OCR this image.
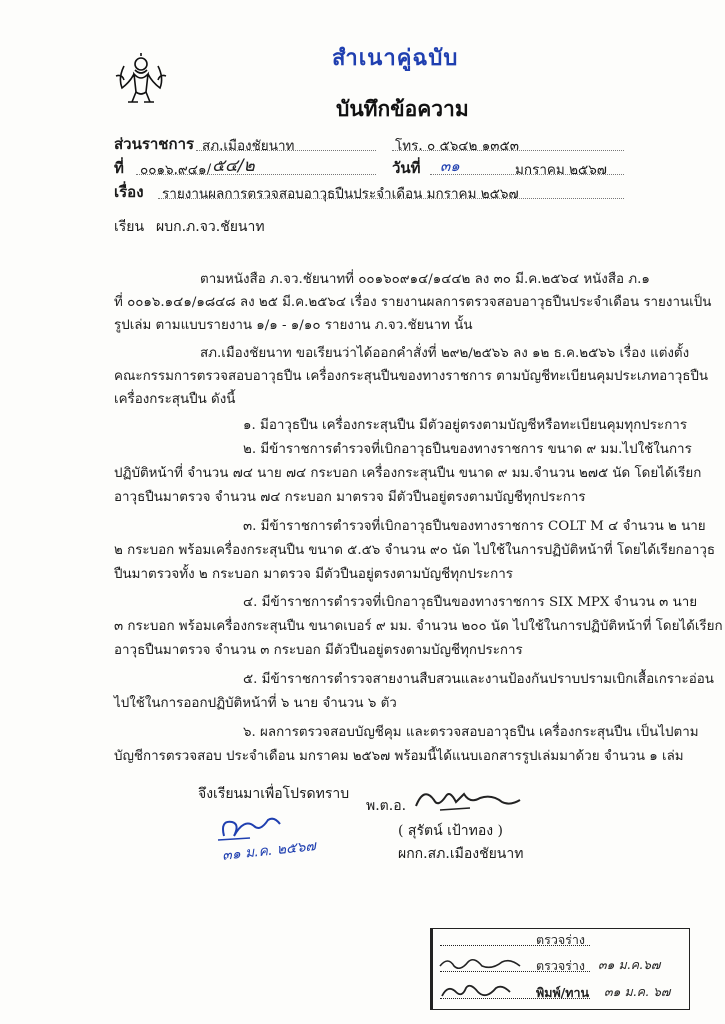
สำเนาคู่ฉบับ
บันทึกข้อความ
ส่วนราชการ สภ.เมืองชัยนาท	โทร. ๐ ๕๖๔๒ ๑๓๕๓
ที่ ๐๐๑๖.๙๔๑/ ๕๔/๒	วันที่ ๓๑	มกราคม ๒๕๖๗
เรื่อง รายงานผลการตรวจสอบอาวุธปืนประจำเดือน มกราคม ๒๕๖๗
เรียน ผบก.ภ.จว.ชัยนาท
ตามหนังสือ ภ.จว.ชัยนาทที่ ๐๐๑๖๐๙๑๔/๑๔๔๒ ลง ๓๐ มี.ค.๒๕๖๔ หนังสือ ภ.๑
ที่ ๐๐๑๖.๑๔๑/๑๘๔๘ ลง ๒๕ มี.ค.๒๕๖๔ เรื่อง รายงานผลการตรวจสอบอาวุธปืนประจำเดือน รายงานเป็น
รูปเล่ม ตามแบบรายงาน ๑/๑ - ๑/๑๐ รายงาน ภ.จว.ชัยนาท นั้น
สภ.เมืองชัยนาท ขอเรียนว่าได้ออกคำสั่งที่ ๒๙๒/๒๕๖๖ ลง ๑๒ ธ.ค.๒๕๖๖ เรื่อง แต่งตั้ง
คณะกรรมการตรวจสอบอาวุธปืน เครื่องกระสุนปืนของทางราชการ ตามบัญชีทะเบียนคุมประเภทอาวุธปืน
เครื่องกระสุนปืน ดังนี้
๑. มีอาวุธปืน เครื่องกระสุนปืน มีตัวอยู่ตรงตามบัญชีหรือทะเบียนคุมทุกประการ
๒. มีข้าราชการตำรวจที่เบิกอาวุธปืนของทางราชการ ขนาด ๙ มม.ไปใช้ในการ
ปฏิบัติหน้าที่ จำนวน ๗๔ นาย ๗๔ กระบอก เครื่องกระสุนปืน ขนาด ๙ มม.จำนวน ๒๗๕ นัด โดยได้เรียก
อาวุธปืนมาตรวจ จำนวน ๗๔ กระบอก มาตรวจ มีตัวปืนอยู่ตรงตามบัญชีทุกประการ
๓. มีข้าราชการตำรวจที่เบิกอาวุธปืนของทางราชการ COLT M ๔ จำนวน ๒ นาย
๒ กระบอก พร้อมเครื่องกระสุนปืน ขนาด ๕.๕๖ จำนวน ๙๐ นัด ไปใช้ในการปฏิบัติหน้าที่ โดยได้เรียกอาวุธ
ปืนมาตรวจทั้ง ๒ กระบอก มาตรวจ มีตัวปืนอยู่ตรงตามบัญชีทุกประการ
๔. มีข้าราชการตำรวจที่เบิกอาวุธปืนของทางราชการ SIX MPX จำนวน ๓ นาย
๓ กระบอก พร้อมเครื่องกระสุนปืน ขนาดเบอร์ ๙ มม. จำนวน ๒๐๐ นัด ไปใช้ในการปฏิบัติหน้าที่ โดยได้เรียก
อาวุธปืนมาตรวจ จำนวน ๓ กระบอก มีตัวปืนอยู่ตรงตามบัญชีทุกประการ
๕. มีข้าราชการตำรวจสายงานสืบสวนและงานป้องกันปราบปรามเบิกเสื้อเกราะอ่อน
ไปใช้ในการออกปฏิบัติหน้าที่ ๖ นาย จำนวน ๖ ตัว
๖. ผลการตรวจสอบบัญชีคุม และตรวจสอบอาวุธปืน เครื่องกระสุนปืน เป็นไปตาม
บัญชีการตรวจสอบ ประจำเดือน มกราคม ๒๕๖๗ พร้อมนี้ได้แนบเอกสารรูปเล่มมาด้วย จำนวน ๑ เล่ม
จึงเรียนมาเพื่อโปรดทราบ
๓๑ ม.ค. ๒๕๖๗
พ.ต.อ.
( สุรัตน์ เป้าทอง )
ผกก.สภ.เมืองชัยนาท
ตรวจร่าง
ตรวจร่าง ๓๑ ม.ค.๖๗
พิมพ์/ทาน ๓๑ ม.ค. ๖๗
